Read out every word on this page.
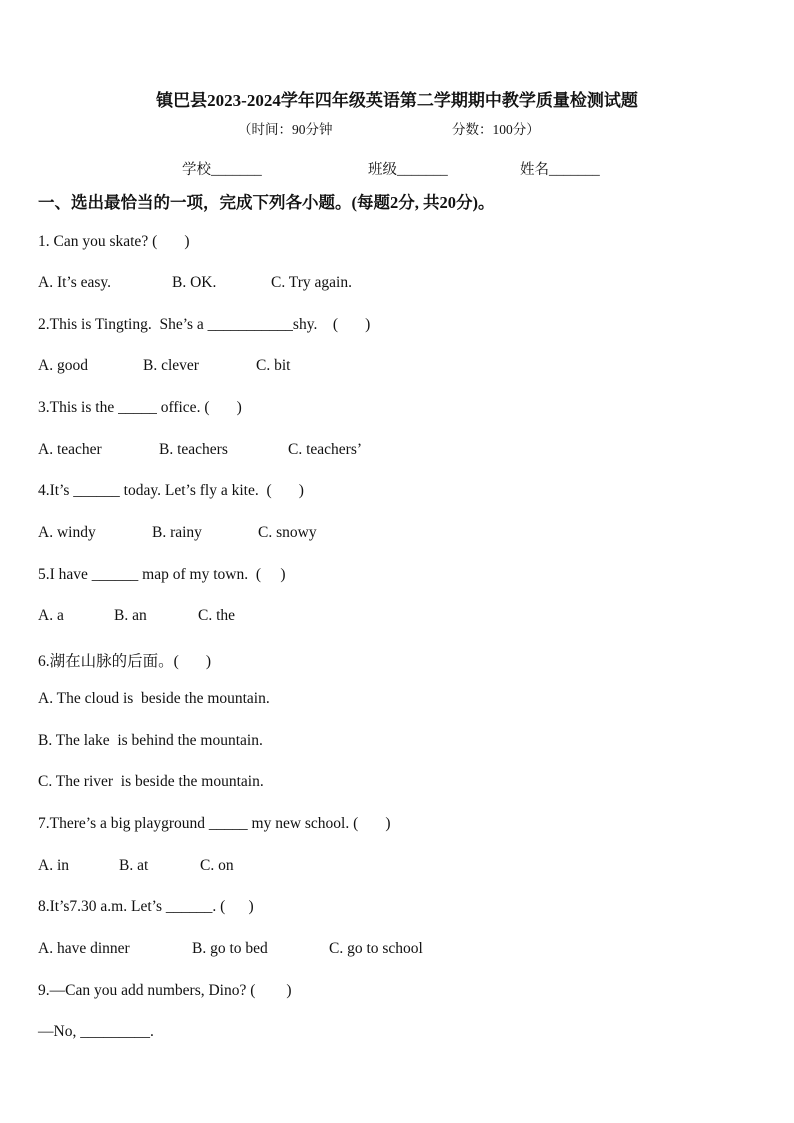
镇巴县2023-2024学年四年级英语第二学期期中教学质量检测试题
（时间：90分钟	分数：100分）
学校_______	班级_______	姓名_______
一、选出最恰当的一项，完成下列各小题。(每题2分, 共20分)。
1. Can you skate? (       )
A. It’s easy.	B. OK.	C. Try again.
2.This is Tingting.  She’s a ___________shy.    (       )
A. good	B. clever	C. bit
3.This is the _____ office. (       )
A. teacher	B. teachers	C. teachers’
4.It’s ______ today. Let’s fly a kite.  (       )
A. windy	B. rainy	C. snowy
5.I have ______ map of my town.  (     )
A. a	B. an	C. the
6.湖在山脉的后面。(       )
A. The cloud is  beside the mountain.
B. The lake  is behind the mountain.
C. The river  is beside the mountain.
7.There’s a big playground _____ my new school. (       )
A. in	B. at	C. on
8.It’s7.30 a.m. Let’s ______. (      )
A. have dinner	B. go to bed	C. go to school
9.—Can you add numbers, Dino? (        )
—No, _________.
